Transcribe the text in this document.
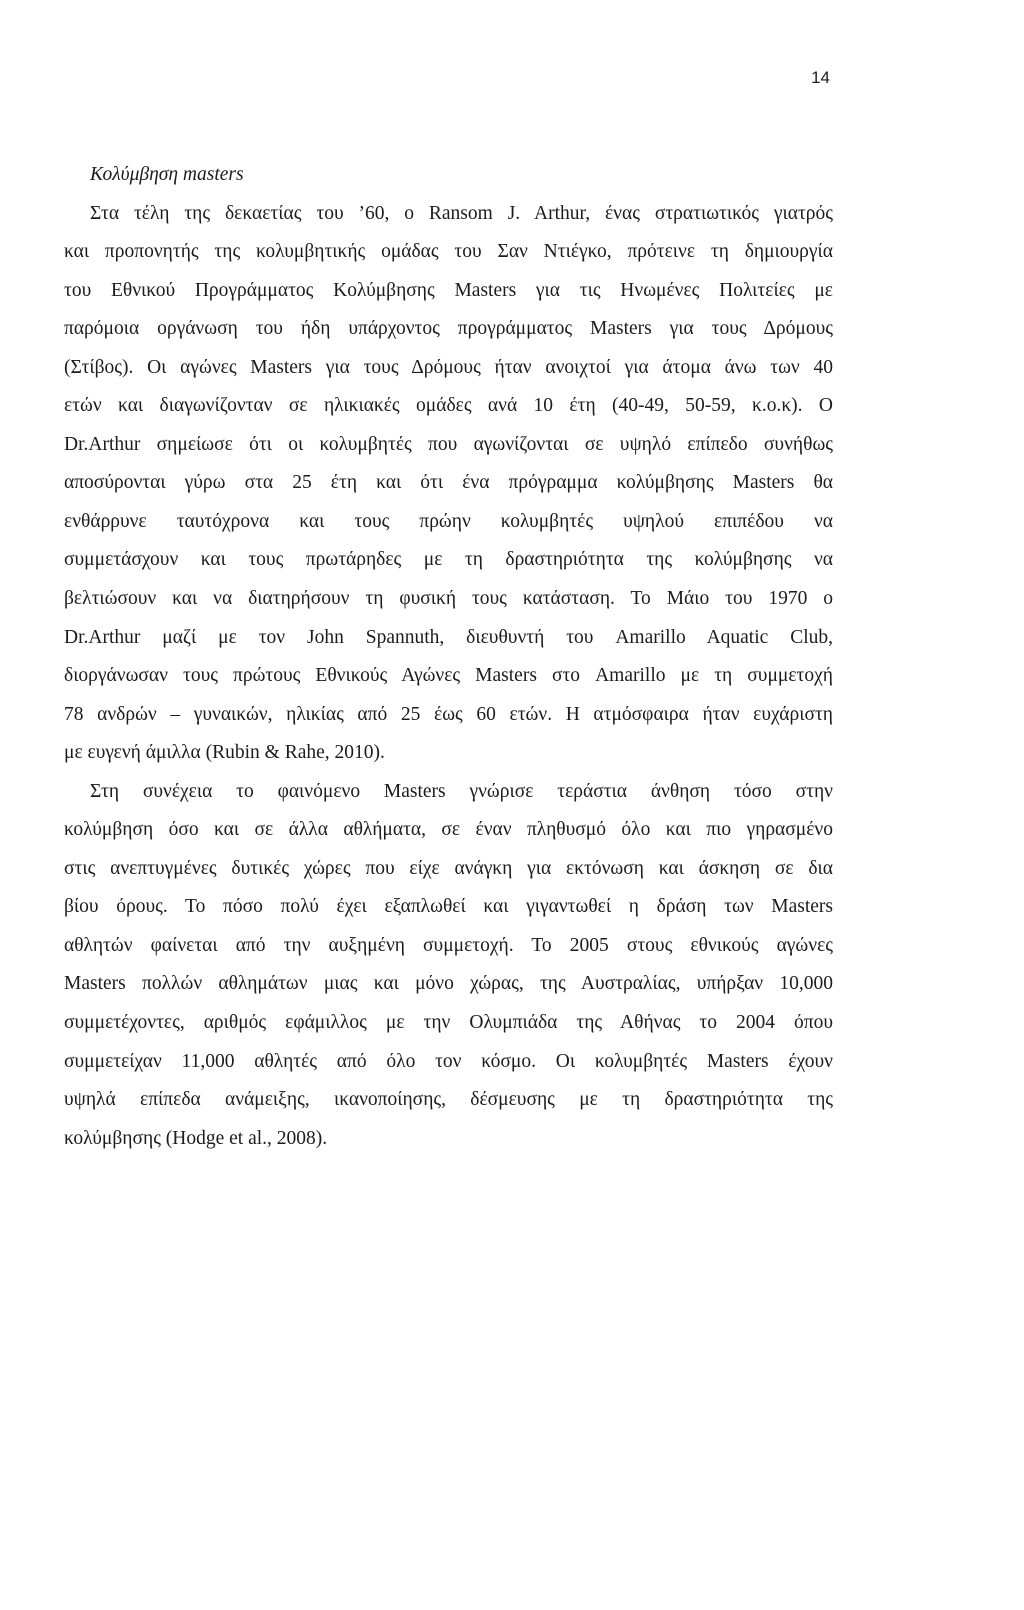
14
Κολύμβηση masters
Στα τέλη της δεκαετίας του ’60, ο Ransom J. Arthur, ένας στρατιωτικός γιατρός
και προπονητής της κολυμβητικής ομάδας του Σαν Ντιέγκο, πρότεινε τη δημιουργία
του Εθνικού Προγράμματος Κολύμβησης Masters για τις Ηνωμένες Πολιτείες με
παρόμοια οργάνωση του ήδη υπάρχοντος προγράμματος Masters για τους Δρόμους
(Στίβος). Οι αγώνες Masters για τους Δρόμους ήταν ανοιχτοί για άτομα άνω των 40
ετών και διαγωνίζονταν σε ηλικιακές ομάδες ανά 10 έτη (40-49, 50-59, κ.ο.κ). Ο
Dr.Arthur σημείωσε ότι οι κολυμβητές που αγωνίζονται σε υψηλό επίπεδο συνήθως
αποσύρονται γύρω στα 25 έτη και ότι ένα πρόγραμμα κολύμβησης Masters θα
ενθάρρυνε ταυτόχρονα και τους πρώην κολυμβητές υψηλού επιπέδου να
συμμετάσχουν και τους πρωτάρηδες με τη δραστηριότητα της κολύμβησης να
βελτιώσουν και να διατηρήσουν τη φυσική τους κατάσταση. Το Μάιο του 1970 ο
Dr.Arthur μαζί με τον John Spannuth, διευθυντή του Amarillo Aquatic Club,
διοργάνωσαν τους πρώτους Εθνικούς Αγώνες Masters στο Amarillo με τη συμμετοχή
78 ανδρών – γυναικών, ηλικίας από 25 έως 60 ετών. Η ατμόσφαιρα ήταν ευχάριστη
με ευγενή άμιλλα (Rubin & Rahe, 2010).
Στη συνέχεια το φαινόμενο Masters γνώρισε τεράστια άνθηση τόσο στην
κολύμβηση όσο και σε άλλα αθλήματα, σε έναν πληθυσμό όλο και πιο γηρασμένο
στις ανεπτυγμένες δυτικές χώρες που είχε ανάγκη για εκτόνωση και άσκηση σε δια
βίου όρους. Το πόσο πολύ έχει εξαπλωθεί και γιγαντωθεί η δράση των Masters
αθλητών φαίνεται από την αυξημένη συμμετοχή. Το 2005 στους εθνικούς αγώνες
Masters πολλών αθλημάτων μιας και μόνο χώρας, της Αυστραλίας, υπήρξαν 10,000
συμμετέχοντες, αριθμός εφάμιλλος με την Ολυμπιάδα της Αθήνας το 2004 όπου
συμμετείχαν 11,000 αθλητές από όλο τον κόσμο. Οι κολυμβητές Masters έχουν
υψηλά επίπεδα ανάμειξης, ικανοποίησης, δέσμευσης με τη δραστηριότητα της
κολύμβησης (Hodge et al., 2008).
